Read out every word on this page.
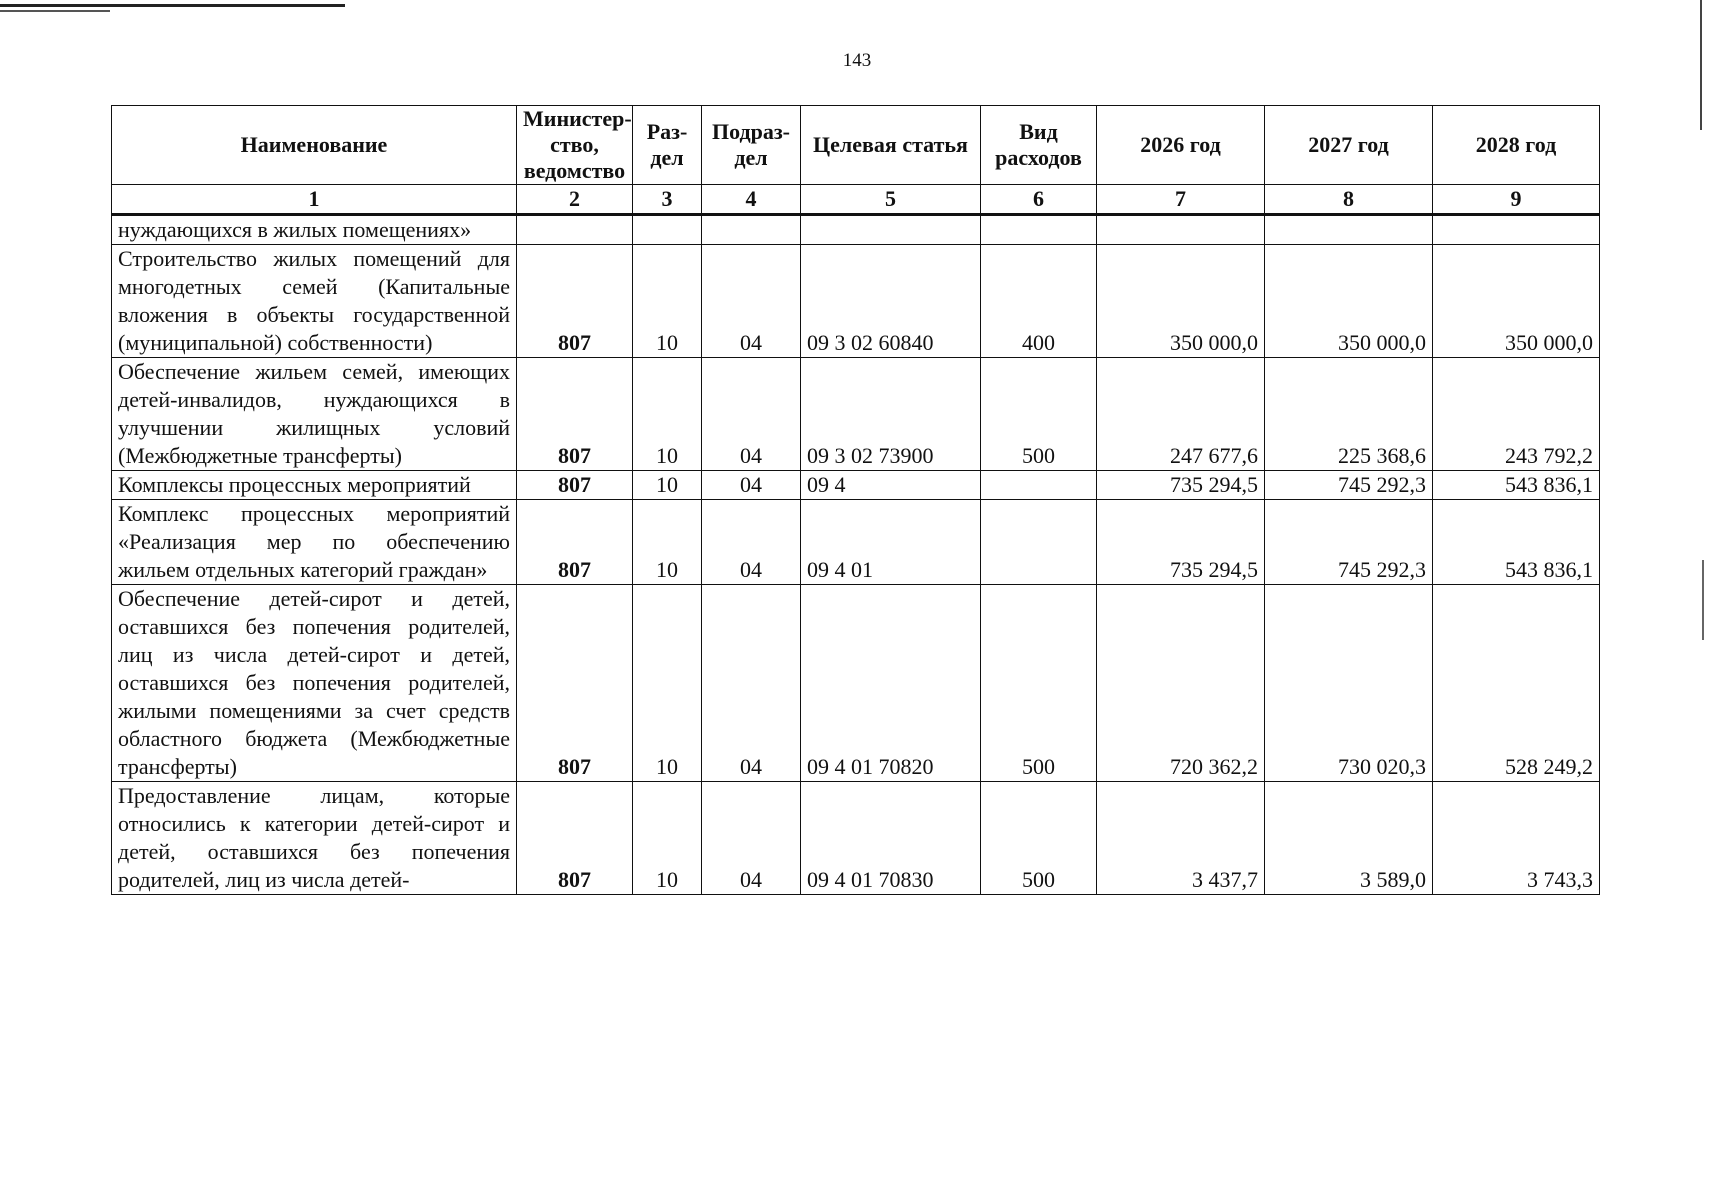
143
Наименование	Министер-ство, ведомство	Раз-дел	Подраз-дел	Целевая статья	Вид расходов	2026 год	2027 год	2028 год
1	2	3	4	5	6	7	8	9
нуждающихся в жилых помещениях»								
Строительство жилых помещений для многодетных семей (Капитальные вложения в объекты государственной (муниципальной) собственности)	807	10	04	09 3 02 60840	400	350 000,0	350 000,0	350 000,0
Обеспечение жильем семей, имеющих детей-инвалидов, нуждающихся в улучшении жилищных условий (Межбюджетные трансферты)	807	10	04	09 3 02 73900	500	247 677,6	225 368,6	243 792,2
Комплексы процессных мероприятий	807	10	04	09 4		735 294,5	745 292,3	543 836,1
Комплекс процессных мероприятий «Реализация мер по обеспечению жильем отдельных категорий граждан»	807	10	04	09 4 01		735 294,5	745 292,3	543 836,1
Обеспечение детей-сирот и детей, оставшихся без попечения родителей, лиц из числа детей-сирот и детей, оставшихся без попечения родителей, жилыми помещениями за счет средств областного бюджета (Межбюджетные трансферты)	807	10	04	09 4 01 70820	500	720 362,2	730 020,3	528 249,2
Предоставление лицам, которые относились к категории детей-сирот и детей, оставшихся без попечения родителей, лиц из числа детей-	807	10	04	09 4 01 70830	500	3 437,7	3 589,0	3 743,3
